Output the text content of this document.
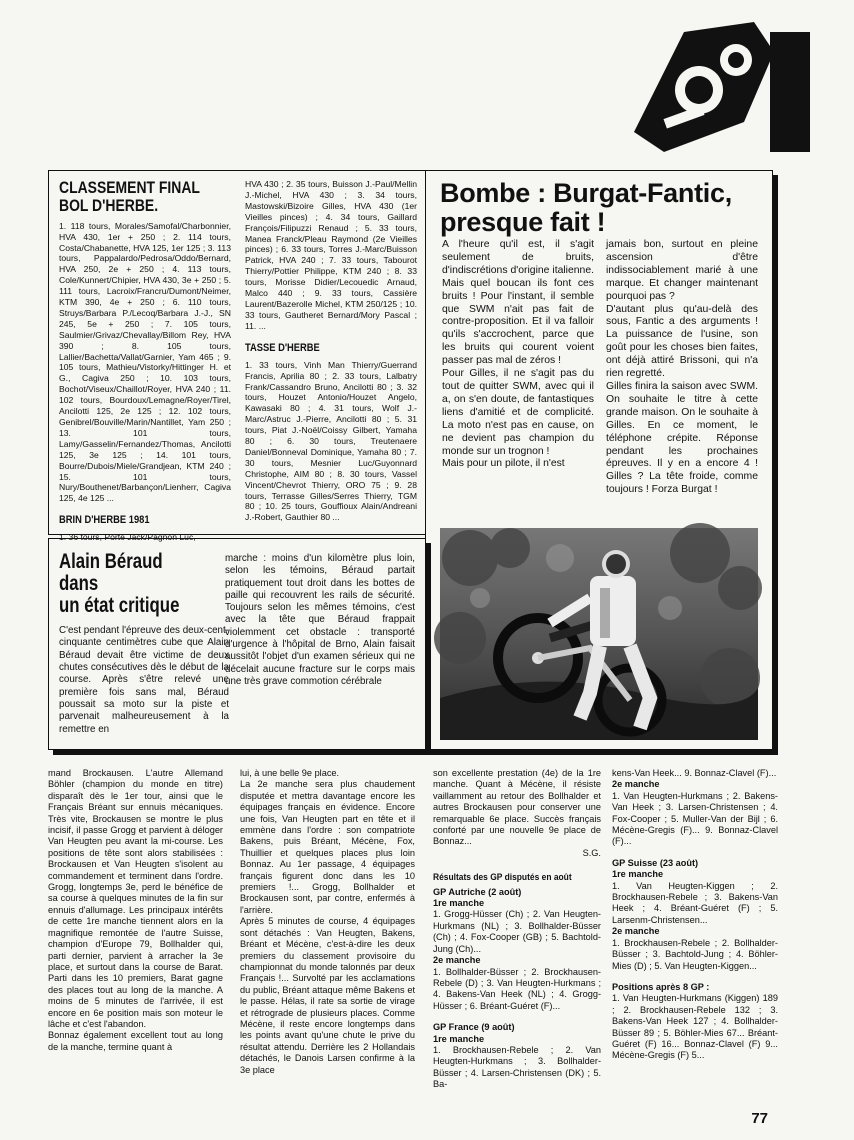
infos
CLASSEMENT FINAL
BOL D'HERBE.

1. 118 tours, Morales/Samofal/Charbonnier, HVA 430, 1er + 250 ; 2. 114 tours, Costa/Chabanette, HVA 125, 1er 125 ; 3. 113 tours, Pappalardo/Pedrosa/Oddo/Bernard, HVA 250, 2e + 250 ; 4. 113 tours, Cole/Kunnert/Chipier, HVA 430, 3e + 250 ; 5. 111 tours, Lacroix/Francru/Dumont/Neimer, KTM 390, 4e + 250 ; 6. 110 tours, Struys/Barbara P./Lecoq/Barbara J.-J., SN 245, 5e + 250 ; 7. 105 tours, Saulmier/Grivaz/Chevallay/Billom Rey, HVA 390 ; 8. 105 tours, Lallier/Bachetta/Vallat/Garnier, Yam 465 ; 9. 105 tours, Mathieu/Vistorky/Hittinger H. et G., Cagiva 250 ; 10. 103 tours, Bochot/Viseux/Chaillot/Royer, HVA 240 ; 11. 102 tours, Bourdoux/Lemagne/Royer/Tirel, Ancilotti 125, 2e 125 ; 12. 102 tours, Genibrel/Bouville/Marin/Nantillet, Yam 250 ; 13. 101 tours, Lamy/Gasselin/Fernandez/Thomas, Ancilotti 125, 3e 125 ; 14. 101 tours, Bourre/Dubois/Miele/Grandjean, KTM 240 ; 15. 101 tours, Nury/Bouthenet/Barbançon/Lienherr, Cagiva 125, 4e 125 ...

BRIN D'HERBE 1981

1. 36 tours, Porte Jack/Pagnon Luc,

HVA 430 ; 2. 35 tours, Buisson J.-Paul/Mellin J.-Michel, HVA 430 ; 3. 34 tours, Mastowski/Bizoire Gilles, HVA 430 (1er Vieilles pinces) ; 4. 34 tours, Gaillard François/Filipuzzi Renaud ; 5. 33 tours, Manea Franck/Pleau Raymond (2e Vieilles pinces) ; 6. 33 tours, Torres J.-Marc/Buisson Patrick, HVA 240 ; 7. 33 tours, Tabourot Thierry/Pottier Philippe, KTM 240 ; 8. 33 tours, Morisse Didier/Lecouedic Arnaud, Malco 440 ; 9. 33 tours, Cassière Laurent/Bazerolle Michel, KTM 250/125 ; 10. 33 tours, Gautheret Bernard/Mory Pascal ; 11. ...

TASSE D'HERBE

1. 33 tours, Vinh Man Thierry/Guerrand Francis, Aprilia 80 ; 2. 33 tours, Lalbatry Frank/Cassandro Bruno, Ancilotti 80 ; 3. 32 tours, Houzet Antonio/Houzet Angelo, Kawasaki 80 ; 4. 31 tours, Wolf J.-Marc/Astruc J.-Pierre, Ancilotti 80 ; 5. 31 tours, Piat J.-Noël/Coissy Gilbert, Yamaha 80 ; 6. 30 tours, Treutenaere Daniel/Bonneval Dominique, Yamaha 80 ; 7. 30 tours, Mesnier Luc/Guyonnard Christophe, AIM 80 ; 8. 30 tours, Vassel Vincent/Chevrot Thierry, ORO 75 ; 9. 28 tours, Terrasse Gilles/Serres Thierry, TGM 80 ; 10. 25 tours, Gouffioux Alain/Andreani J.-Robert, Gauthier 80 ...

Bombe : Burgat-Fantic,
presque fait !

A l'heure qu'il est, il s'agit seulement de bruits, d'indiscrétions d'origine italienne. Mais quel boucan ils font ces bruits ! Pour l'instant, il semble que SWM n'ait pas fait de contre-proposition. Et il va falloir qu'ils s'accrochent, parce que les bruits qui courent voient passer pas mal de zéros !

Pour Gilles, il ne s'agit pas du tout de quitter SWM, avec qui il a, on s'en doute, de fantastiques liens d'amitié et de complicité. La moto n'est pas en cause, on ne devient pas champion du monde sur un trognon !

Mais pour un pilote, il n'est

jamais bon, surtout en pleine ascension d'être indissociablement marié à une marque. Et changer maintenant pourquoi pas ?

D'autant plus qu'au-delà des sous, Fantic a des arguments ! La puissance de l'usine, son goût pour les choses bien faites, ont déjà attiré Brissoni, qui n'a rien regretté.

Gilles finira la saison avec SWM. On souhaite le titre à cette grande maison. On le souhaite à Gilles. En ce moment, le téléphone crépite. Réponse pendant les prochaines épreuves. Il y en a encore 4 ! Gilles ? La tête froide, comme toujours ! Forza Burgat !

Alain Béraud dans
un état critique

C'est pendant l'épreuve des deux-cent-cinquante centimètres cube que Alain Béraud devait être victime de deux chutes consécutives dès le début de la course. Après s'être relevé une première fois sans mal, Béraud poussait sa moto sur la piste et parvenait malheureusement à la remettre en

marche : moins d'un kilomètre plus loin, selon les témoins, Béraud partait pratiquement tout droit dans les bottes de paille qui recouvrent les rails de sécurité. Toujours selon les mêmes témoins, c'est avec la tête que Béraud frappait violemment cet obstacle : transporté d'urgence à l'hôpital de Brno, Alain faisait aussitôt l'objet d'un examen sérieux qui ne décelait aucune fracture sur le corps mais une très grave commotion cérébrale

mand Brockausen. L'autre Allemand Böhler (champion du monde en titre) disparaît dès le 1er tour, ainsi que le Français Bréant sur ennuis mécaniques. Très vite, Brockausen se montre le plus incisif, il passe Grogg et parvient à déloger Van Heugten peu avant la mi-course. Les positions de tête sont alors stabilisées : Brockausen et Van Heugten s'isolent au commandement et terminent dans l'ordre. Grogg, longtemps 3e, perd le bénéfice de sa course à quelques minutes de la fin sur ennuis d'allumage. Les principaux intérêts de cette 1re manche tiennent alors en la magnifique remontée de l'autre Suisse, champion d'Europe 79, Bollhalder qui, parti dernier, parvient à arracher la 3e place, et surtout dans la course de Barat. Parti dans les 10 premiers, Barat gagne des places tout au long de la manche. A moins de 5 minutes de l'arrivée, il est encore en 6e position mais son moteur le lâche et c'est l'abandon.

Bonnaz également excellent tout au long de la manche, termine quant à

lui, à une belle 9e place.

La 2e manche sera plus chaudement disputée et mettra davantage encore les équipages français en évidence. Encore une fois, Van Heugten part en tête et il emmène dans l'ordre : son compatriote Bakens, puis Bréant, Mécène, Fox, Thuillier et quelques places plus loin Bonnaz. Au 1er passage, 4 équipages français figurent donc dans les 10 premiers !... Grogg, Bollhalder et Brockausen sont, par contre, enfermés à l'arrière.

Après 5 minutes de course, 4 équipages sont détachés : Van Heugten, Bakens, Bréant et Mécène, c'est-à-dire les deux premiers du classement provisoire du championnat du monde talonnés par deux Français !... Survolté par les acclamations du public, Bréant attaque même Bakens et le passe. Hélas, il rate sa sortie de virage et rétrograde de plusieurs places. Comme Mécène, il reste encore longtemps dans les points avant qu'une chute le prive du résultat attendu. Derrière les 2 Hollandais détachés, le Danois Larsen confirme à la 3e place

son excellente prestation (4e) de la 1re manche. Quant à Mécène, il résiste vaillamment au retour des Bollhalder et autres Brockausen pour conserver une remarquable 6e place. Succès français conforté par une nouvelle 9e place de Bonnaz...

S.G.

Résultats des GP disputés en août
GP Autriche (2 août)
1re manche

1. Grogg-Hüsser (Ch) ; 2. Van Heugten-Hurkmans (NL) ; 3. Bollhalder-Büsser (Ch) ; 4. Fox-Cooper (GB) ; 5. Bachtold-Jung (Ch)...

2e manche

1. Bollhalder-Büsser ; 2. Brockhausen-Rebele (D) ; 3. Van Heugten-Hurkmans ; 4. Bakens-Van Heek (NL) ; 4. Grogg-Hüsser ; 6. Bréant-Guéret (F)...

GP France (9 août)
1re manche

1. Brockhausen-Rebele ; 2. Van Heugten-Hurkmans ; 3. Bollhalder-Büsser ; 4. Larsen-Christensen (DK) ; 5. Ba-

kens-Van Heek... 9. Bonnaz-Clavel (F)...

2e manche

1. Van Heugten-Hurkmans ; 2. Bakens-Van Heek ; 3. Larsen-Christensen ; 4. Fox-Cooper ; 5. Muller-Van der Bijl ; 6. Mécène-Gregis (F)... 9. Bonnaz-Clavel (F)...

GP Suisse (23 août)
1re manche

1. Van Heugten-Kiggen ; 2. Brockhausen-Rebele ; 3. Bakens-Van Heek ; 4. Bréant-Guéret (F) ; 5. Larsenm-Christensen...

2e manche

1. Brockhausen-Rebele ; 2. Bollhalder-Büsser ; 3. Bachtold-Jung ; 4. Böhler-Mies (D) ; 5. Van Heugten-Kiggen...

Positions après 8 GP :

1. Van Heugten-Hurkmans (Kiggen) 189 ; 2. Brockhausen-Rebele 132 ; 3. Bakens-Van Heek 127 ; 4. Bollhalder-Büsser 89 ; 5. Böhler-Mies 67... Bréant-Guéret (F) 16... Bonnaz-Clavel (F) 9... Mécène-Gregis (F) 5...

77
